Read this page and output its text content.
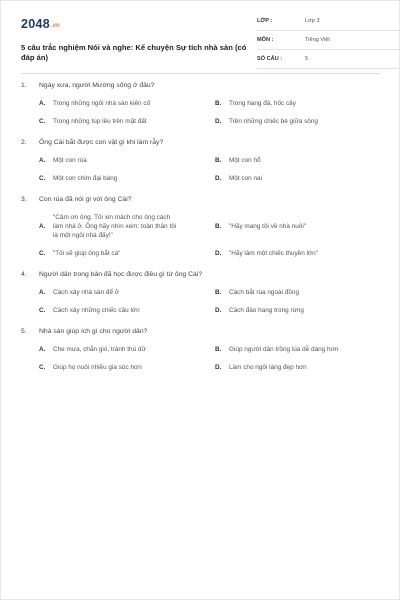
2048 .vn
5 câu trắc nghiệm Nói và nghe: Kể chuyện Sự tích nhà sàn (có đáp án)
LỚP :	Lớp 3
MÔN :	Tiếng Việt
SỐ CÂU :	5
1.	Ngày xưa, người Mường sống ở đâu?
A.	Trong những ngôi nhà sàn kiên cố	B.	Trong hang đá, hốc cây
C.	Trong những túp lều trên mặt đất	D.	Trên những chiếc bè giữa sông
2.	Ông Cài bắt được con vật gì khi làm rẫy?
A.	Một con rùa	B.	Một con hổ
C.	Một con chim đại bàng	D.	Một con nai
3.	Con rùa đã nói gì với ông Cài?
A.
"Cảm ơn ông. Tôi xin mách cho ông cách
làm nhà ở. Ông hãy nhìn xem: toàn thân tôi
là một ngôi nhà đấy!"
B.	"Hãy mang tôi về nhà nuôi"
C.	"Tôi sẽ giúp ông bắt cá"	D.	"Hãy làm một chiếc thuyền lớn"
4.	Người dân trong bản đã học được điều gì từ ông Cài?
A.	Cách xây nhà sàn để ở	B.	Cách bắt rùa ngoài đồng
C.	Cách xây những chiếc cầu lớn	D.	Cách đào hang trong rừng
5.	Nhà sàn giúp ích gì cho người dân?
A.	Che mưa, chắn gió, tránh thú dữ	B.	Giúp người dân trồng lúa dễ dàng hơn
C.	Giúp họ nuôi nhiều gia súc hơn	D.	Làm cho ngôi làng đẹp hơn
